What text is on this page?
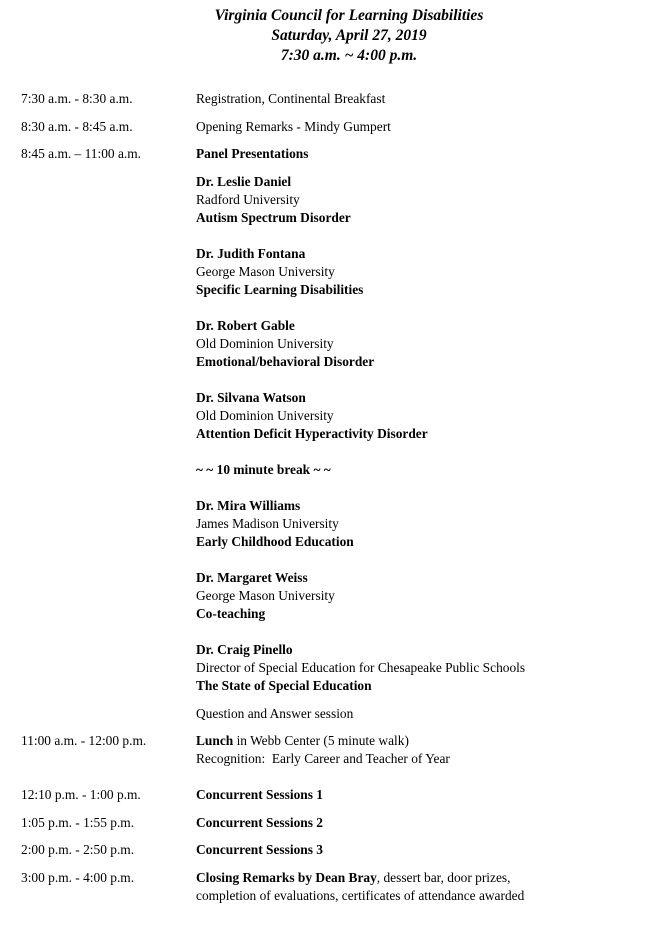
Virginia Council for Learning Disabilities
Saturday, April 27, 2019
7:30 a.m. ~ 4:00 p.m.
7:30 a.m. - 8:30 a.m.	Registration, Continental Breakfast
8:30 a.m. - 8:45 a.m.	Opening Remarks - Mindy Gumpert
8:45 a.m. – 11:00 a.m.	Panel Presentations
Dr. Leslie Daniel
Radford University
Autism Spectrum Disorder
Dr. Judith Fontana
George Mason University
Specific Learning Disabilities
Dr. Robert Gable
Old Dominion University
Emotional/behavioral Disorder
Dr. Silvana Watson
Old Dominion University
Attention Deficit Hyperactivity Disorder
~ ~ 10 minute break ~ ~
Dr. Mira Williams
James Madison University
Early Childhood Education
Dr. Margaret Weiss
George Mason University
Co-teaching
Dr. Craig Pinello
Director of Special Education for Chesapeake Public Schools
The State of Special Education
Question and Answer session
11:00 a.m. - 12:00 p.m.	Lunch in Webb Center (5 minute walk)
Recognition:  Early Career and Teacher of Year
12:10 p.m. - 1:00 p.m.	Concurrent Sessions 1
1:05 p.m. - 1:55 p.m.	Concurrent Sessions 2
2:00 p.m. - 2:50 p.m.	Concurrent Sessions 3
3:00 p.m. - 4:00 p.m.	Closing Remarks by Dean Bray, dessert bar, door prizes,
completion of evaluations, certificates of attendance awarded
